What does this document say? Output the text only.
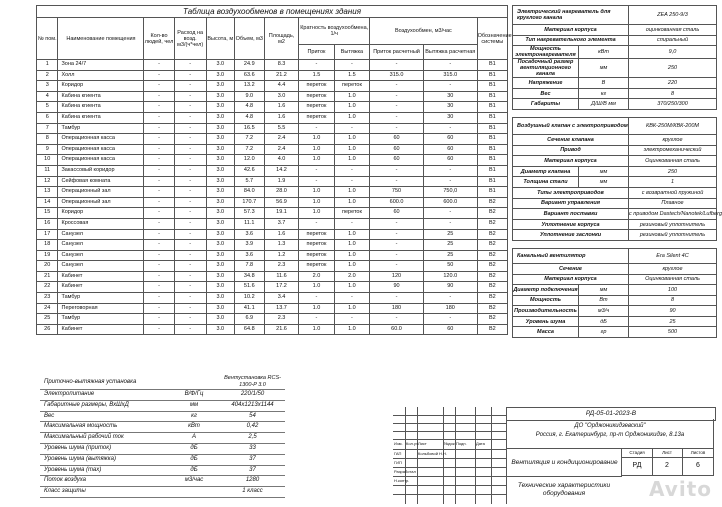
Таблица воздухообменов в помещениях здания											
№ пом.	Наименование помещения	Кол-во людей, чел	Расход на возд. м3/(ч*чел)	Высота, м	Объем, м3	Площадь, м2	Кратность воздухообмена, 1/ч		Воздухообмен, м3/час		Обозначение системы
							Приток	Вытяжка	Приток расчетный	Вытяжка расчетная	
1	Зона 24/7	-	-	3.0	24.9	8.3	-	-	-	-	В1
2	Холл	-	-	3.0	63.6	21.2	1.5	1.5	315.0	315.0	В1
3	Коридор	-	-	3.0	13.2	4.4	переток	переток	-	-	В1
4	Кабина кгиента	-	-	3.0	9.0	3.0	переток	1.0	-	30	В1
5	Кабина кгиента	-	-	3.0	4.8	1.6	переток	1.0	-	30	В1
6	Кабина кгиента	-	-	3.0	4.8	1.6	переток	1.0	-	30	В1
7	Тамбур	-	-	3.0	16.5	5.5	-	-	-	-	В1
8	Операционная касса	-	-	3.0	7.2	2.4	1.0	1.0	60	60	В1
9	Операционная касса	-	-	3.0	7.2	2.4	1.0	1.0	60	60	В1
10	Операционная касса	-	-	3.0	12.0	4.0	1.0	1.0	60	60	В1
11	Закассовый коридор	-	-	3.0	42.6	14.2	-	-	-	-	В1
12	Сейфовая комната	-	-	3.0	5.7	1.9	-	-	-	-	В1
13	Операционный зал	-	-	3.0	84.0	28.0	1.0	1.0	750	750,0	В1
14	Операционный зал	-	-	3.0	170.7	56.9	1.0	1.0	600.0	600.0	В2
15	Коридор	-	-	3.0	57.3	19.1	1.0	переток	60	-	В2
16	Кроссовая	-	-	3.0	11.1	3.7	-	-	-	-	В2
17	Санузел	-	-	3.0	3.6	1.6	переток	1.0	-	25	В2
18	Санузел	-	-	3.0	3.9	1.3	переток	1.0	-	25	В2
19	Санузел	-	-	3.0	3.6	1.2	переток	1.0	-	25	В2
20	Санузел	-	-	3.0	7.8	2.3	переток	1.0	-	50	В2
21	Кабинет	-	-	3.0	34.8	11.6	2.0	2.0	120	120.0	В2
22	Кабинет	-	-	3.0	51.6	17.2	1.0	1.0	90	90	В2
23	Тамбур	-	-	3.0	10.2	3.4	-	-	-	-	В2
24	Переговорная	-	-	3.0	41.1	13.7	1.0	1.0	180	180	В2
25	Тамбур	-	-	3.0	6.9	2.3	-	-	-	-	В2
26	Кабинет	-	-	3.0	64.8	21.6	1.0	1.0	60.0	60	В2
Электрический нагреватель для круглого канала		ZEA 250-9/3
Материал корпуса		оцинкованная сталь
Тип нагревательного элемента		спиральный
Мощность электронагревателя	кВт	9,0
Посадочный размер вентиляционного канала	мм	250
Напряжение	В	220
Вес	кг	8
Габариты	Д/Ш/В мм	370/250/300

Воздушный клапан с электроприводом		КВК-250М/КВК-200М
Сечение клапана		круглое
Привод		электромеханический
Материал корпуса		Оцинкованная сталь
Диаметр клапана	мм	250
Толщина стали	мм	1
Типы электроприводов		с возвратной пружиной
Вариант управления		Плавное
Вариант поставки		с приводом Dastech/Nanotek/Lufberg
Уплотнение корпуса		резиновый уплотнитель
Уплотнение заслонки		резиновый уплотнитель

Канальный вентилятор		Era Silent 4C
Сечение		круглое
Материал корпуса		Оцинкованная сталь
Диаметр подключения	мм	100
Мощность	Вт	8
Производительность	м3/ч	90
Уровень шума	дБ	25
Масса	гр	500
Приточно-вытяжная установка		Вентустановка RCS-1300-P 3.0
Электропитание	В/Ф/Гц	220/1/50
Габаритные размеры, ВхШхД	мм	404х1213х1144
Вес	кг	54
Максимальная мощность	кВт	0,42
Максимальный рабочий ток	А	2,5
Уровень шума (приток)	дБ	33
Уровень шума (вытяжка)	дБ	37
Уровень шума (тах)	дБ	37
Поток воздуха	м3/час	1280
Класс защиты		1 класс
Изм. Кол.уч Лист	№док Подп. Дата
ГАП	Кольбовой Н.Н.
ГИП
Разработал
Н.контр.
РД-05-01-2023-В
ДО "Орджоникидзевский"
Россия, г. Екатеринбург, пр-т Орджоникидзе, 8.13а
Вентиляция и кондиционирование
Технические характеристики оборудования
Стадия	Лист	Листов
РД	2	6
Avito
